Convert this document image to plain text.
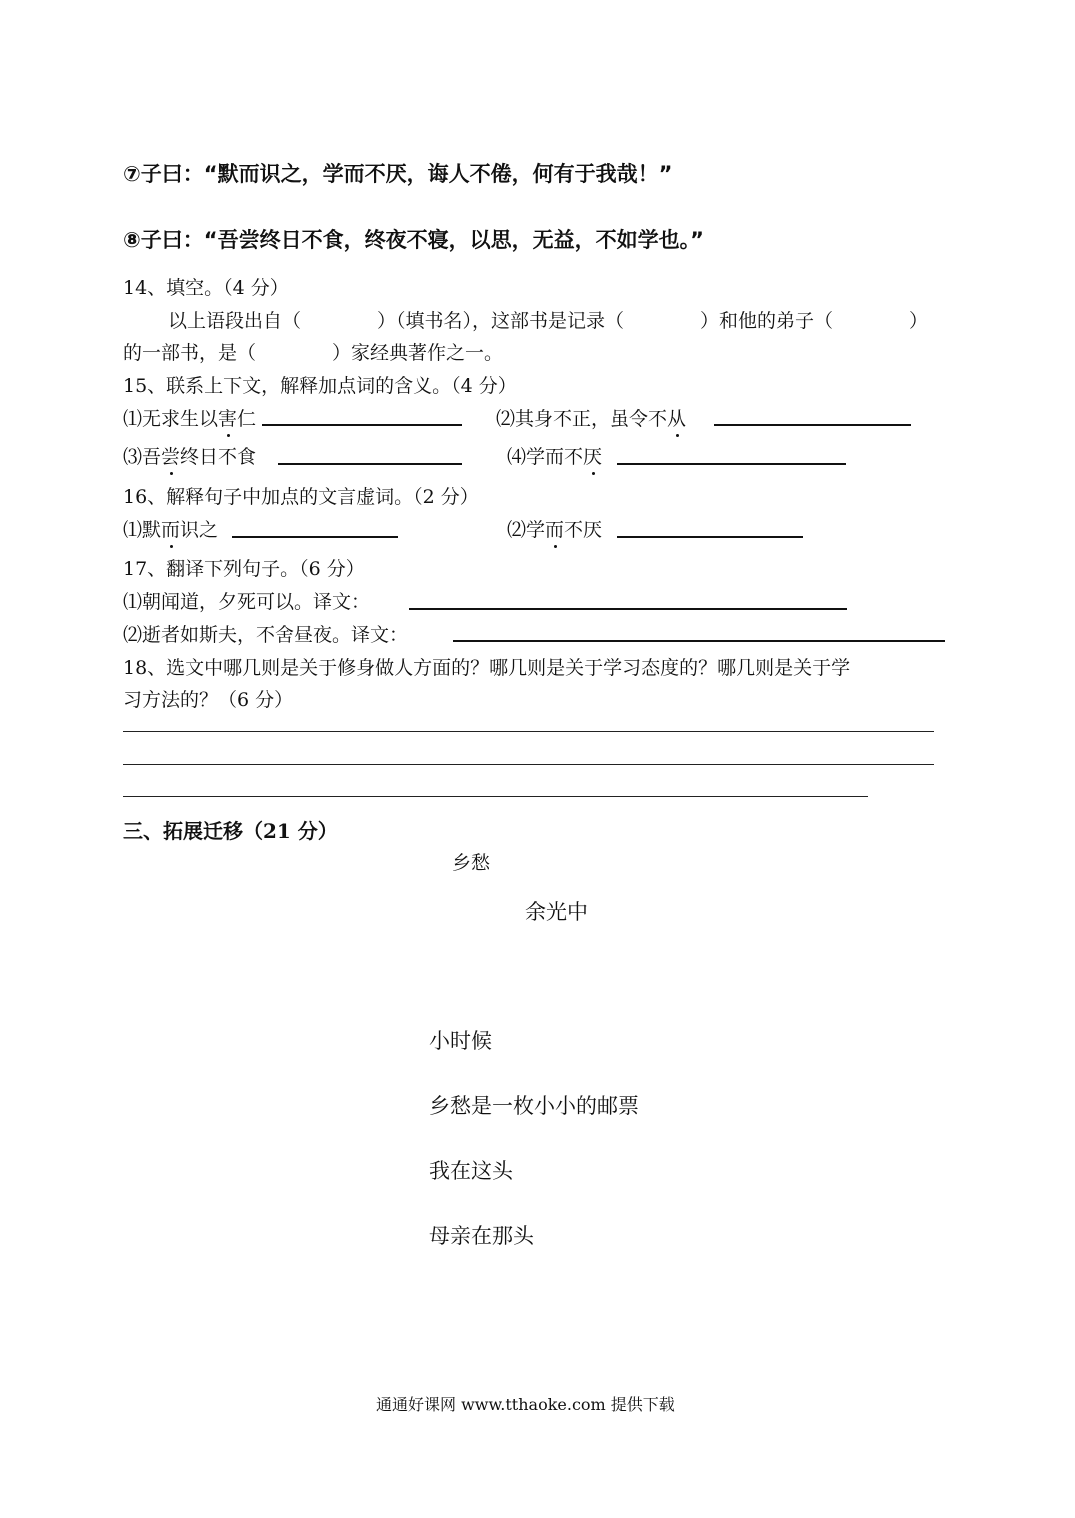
⑦子曰：“默而识之，学而不厌，诲人不倦，何有于我哉！”
⑧子曰：“吾尝终日不食，终夜不寝，以思，无益，不如学也。”
14、填空。（4 分）
以上语段出自（　　　　）（填书名），这部书是记录（　　　　）和他的弟子（　　　　）
的一部书，是（　　　　）家经典著作之一。
15、联系上下文，解释加点词的含义。（4 分）
⑴无求生以害仁	⑵其身不正，虽令不从
⑶吾尝终日不食	⑷学而不厌
16、解释句子中加点的文言虚词。（2 分）
⑴默而识之	⑵学而不厌
17、翻译下列句子。（6 分）
⑴朝闻道，夕死可以。译文：
⑵逝者如斯夫，不舍昼夜。译文：
18、选文中哪几则是关于修身做人方面的？哪几则是关于学习态度的？哪几则是关于学
习方法的？（6 分）
三、拓展迁移（21 分）
乡愁
余光中
小时候
乡愁是一枚小小的邮票
我在这头
母亲在那头
通通好课网 www.tthaoke.com 提供下载
